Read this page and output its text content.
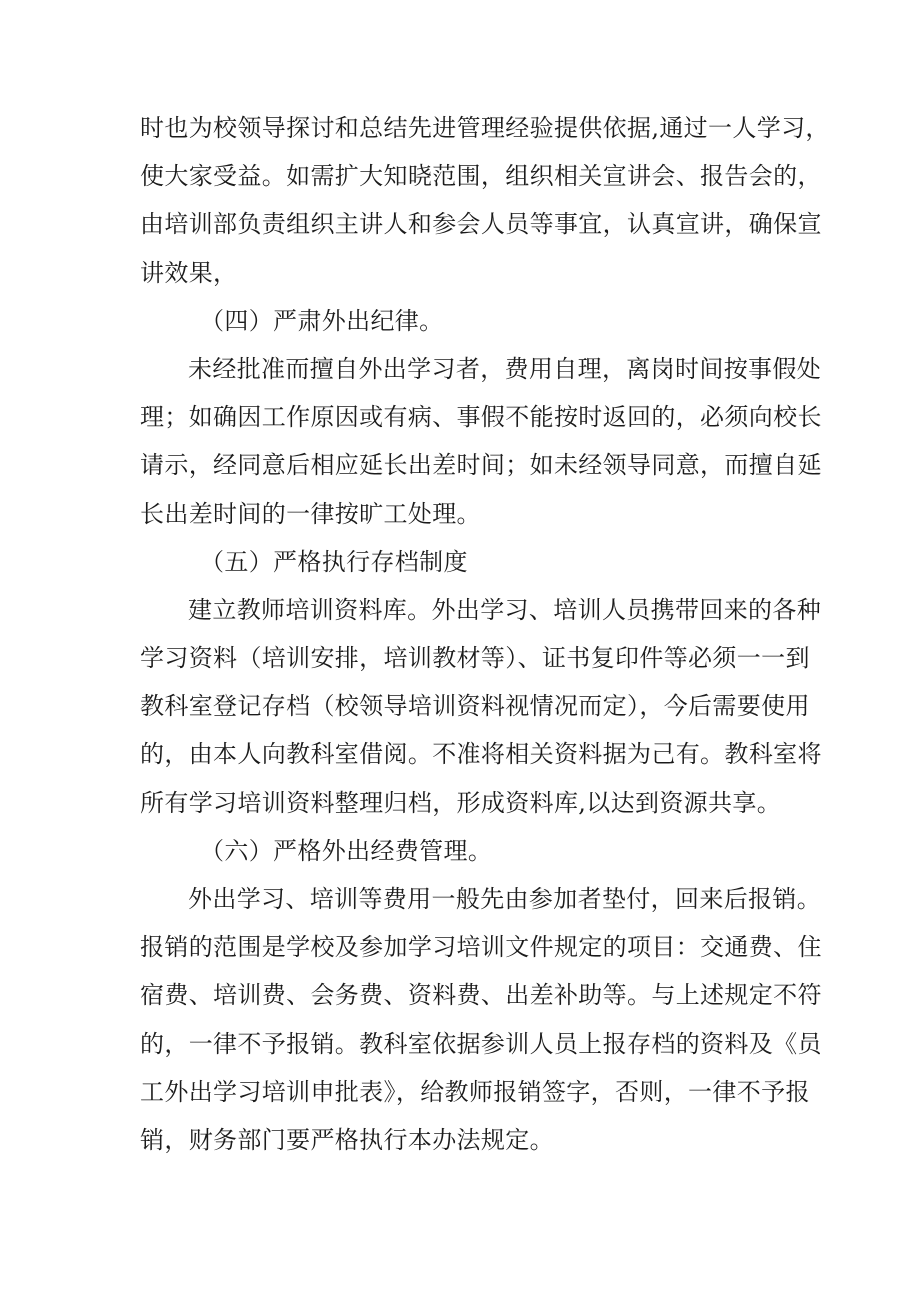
时也为校领导探讨和总结先进管理经验提供依据,通过一人学习，
使大家受益。如需扩大知晓范围，组织相关宣讲会、报告会的，
由培训部负责组织主讲人和参会人员等事宜，认真宣讲，确保宣
讲效果，
（四）严肃外出纪律。
未经批准而擅自外出学习者，费用自理，离岗时间按事假处
理；如确因工作原因或有病、事假不能按时返回的，必须向校长
请示，经同意后相应延长出差时间；如未经领导同意，而擅自延
长出差时间的一律按旷工处理。
（五）严格执行存档制度
建立教师培训资料库。外出学习、培训人员携带回来的各种
学习资料（培训安排，培训教材等）、证书复印件等必须一一到
教科室登记存档（校领导培训资料视情况而定），今后需要使用
的，由本人向教科室借阅。不准将相关资料据为己有。教科室将
所有学习培训资料整理归档，形成资料库,以达到资源共享。
（六）严格外出经费管理。
外出学习、培训等费用一般先由参加者垫付，回来后报销。
报销的范围是学校及参加学习培训文件规定的项目：交通费、住
宿费、培训费、会务费、资料费、出差补助等。与上述规定不符
的，一律不予报销。教科室依据参训人员上报存档的资料及《员
工外出学习培训申批表》，给教师报销签字，否则，一律不予报
销，财务部门要严格执行本办法规定。
